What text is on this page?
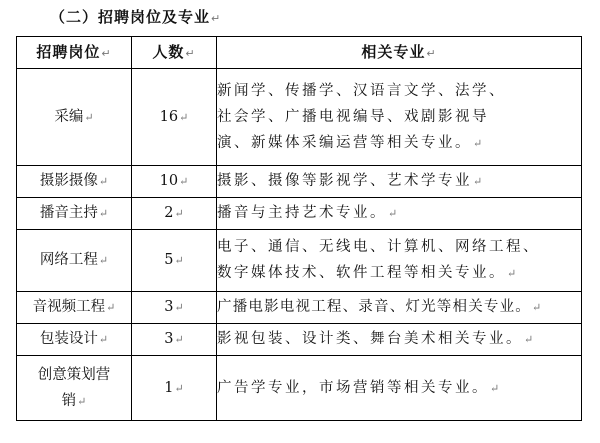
（二）招聘岗位及专业↵
招聘岗位↵	人数↵	相关专业↵
采编↵	16↵	新闻学、传播学、汉语言文学、法学、
社会学、广播电视编导、戏剧影视导
演、新媒体采编运营等相关专业。↵

摄影摄像↵	10↵	摄影、摄像等影视学、艺术学专业↵
播音主持↵	2↵	播音与主持艺术专业。↵
网络工程↵	5↵	电子、通信、无线电、计算机、网络工程、
数字媒体技术、软件工程等相关专业。↵

音视频工程↵	3↵	广播电影电视工程、录音、灯光等相关专业。↵
包装设计↵	3↵	影视包装、设计类、舞台美术相关专业。↵

创意策划营
销↵	1↵	广告学专业，市场营销等相关专业。↵
